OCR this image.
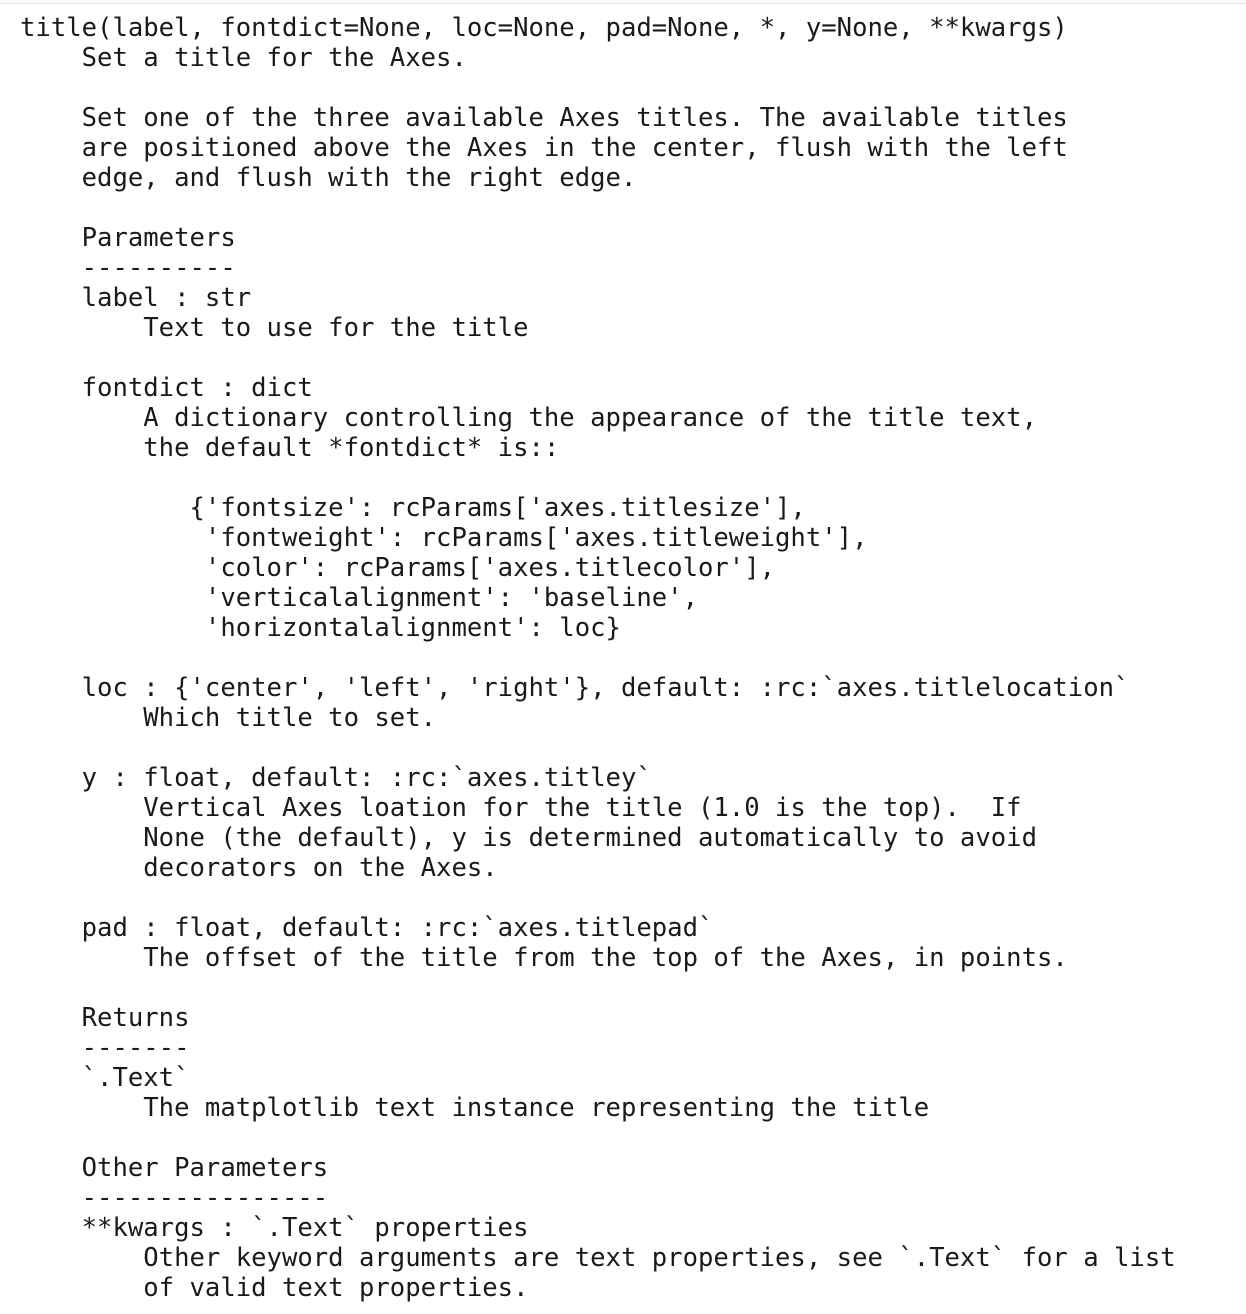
title(label, fontdict=None, loc=None, pad=None, *, y=None, **kwargs)
Set a title for the Axes.
Set one of the three available Axes titles. The available titles
are positioned above the Axes in the center, flush with the left
edge, and flush with the right edge.
Parameters
----------
label : str
Text to use for the title
fontdict : dict
A dictionary controlling the appearance of the title text,
the default *fontdict* is::
{'fontsize': rcParams['axes.titlesize'],
'fontweight': rcParams['axes.titleweight'],
'color': rcParams['axes.titlecolor'],
'verticalalignment': 'baseline',
'horizontalalignment': loc}
loc : {'center', 'left', 'right'}, default: :rc:`axes.titlelocation`
Which title to set.
y : float, default: :rc:`axes.titley`
Vertical Axes loation for the title (1.0 is the top).  If
None (the default), y is determined automatically to avoid
decorators on the Axes.
pad : float, default: :rc:`axes.titlepad`
The offset of the title from the top of the Axes, in points.
Returns
-------
`.Text`
The matplotlib text instance representing the title
Other Parameters
----------------
**kwargs : `.Text` properties
Other keyword arguments are text properties, see `.Text` for a list
of valid text properties.
